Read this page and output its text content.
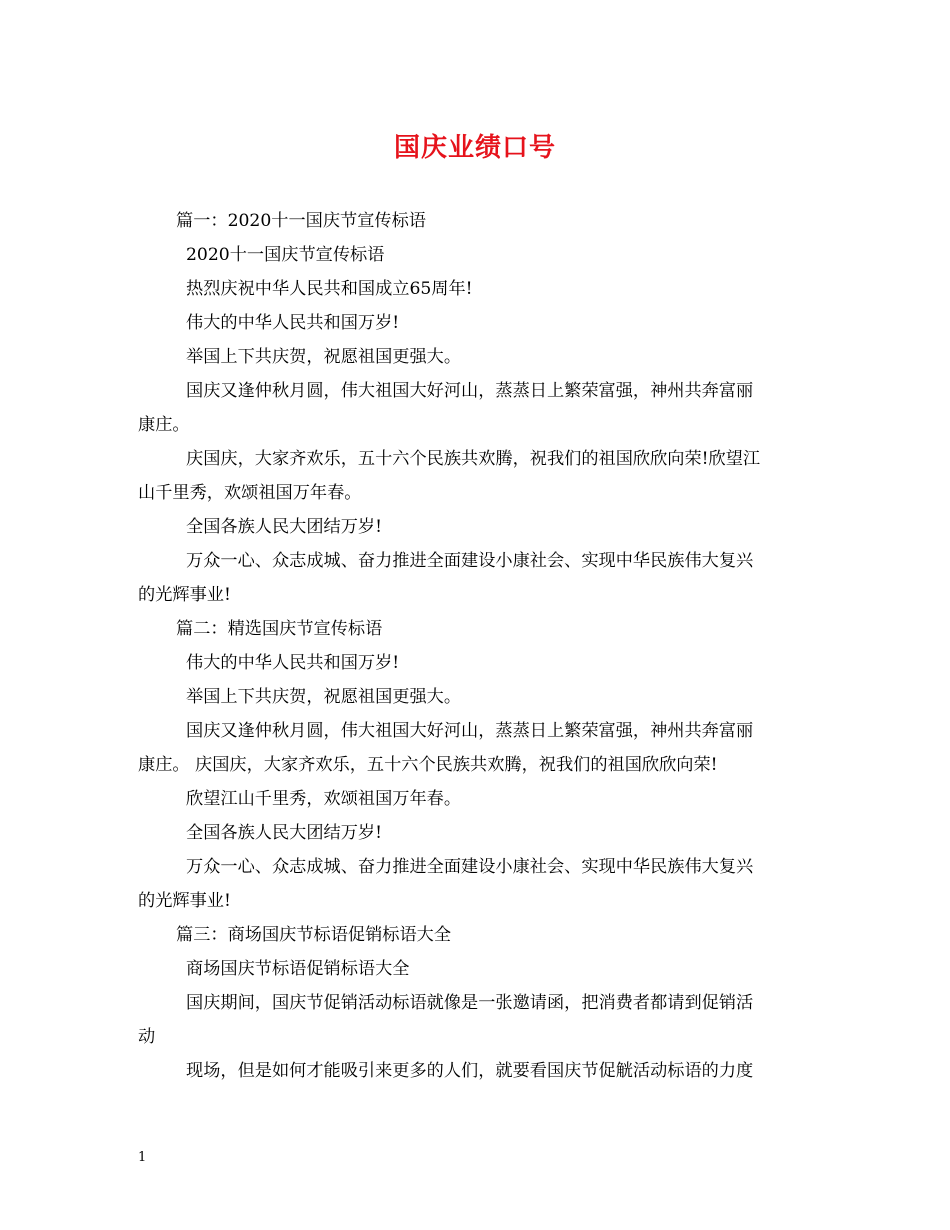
国庆业绩口号
篇一：2020十一国庆节宣传标语
2020十一国庆节宣传标语
热烈庆祝中华人民共和国成立65周年!
伟大的中华人民共和国万岁!
举国上下共庆贺，祝愿祖国更强大。
国庆又逢仲秋月圆，伟大祖国大好河山，蒸蒸日上繁荣富强，神州共奔富丽
康庄。
庆国庆，大家齐欢乐，五十六个民族共欢腾，祝我们的祖国欣欣向荣!欣望江
山千里秀，欢颂祖国万年春。
全国各族人民大团结万岁!
万众一心、众志成城、奋力推进全面建设小康社会、实现中华民族伟大复兴
的光辉事业!
篇二：精选国庆节宣传标语
伟大的中华人民共和国万岁!
举国上下共庆贺，祝愿祖国更强大。
国庆又逢仲秋月圆，伟大祖国大好河山，蒸蒸日上繁荣富强，神州共奔富丽
康庄。 庆国庆，大家齐欢乐，五十六个民族共欢腾，祝我们的祖国欣欣向荣!
欣望江山千里秀，欢颂祖国万年春。
全国各族人民大团结万岁!
万众一心、众志成城、奋力推进全面建设小康社会、实现中华民族伟大复兴
的光辉事业!
篇三：商场国庆节标语促销标语大全
商场国庆节标语促销标语大全
国庆期间，国庆节促销活动标语就像是一张邀请函，把消费者都请到促销活
动
现场，但是如何才能吸引来更多的人们，就要看国庆节促觥活动标语的力度
1
